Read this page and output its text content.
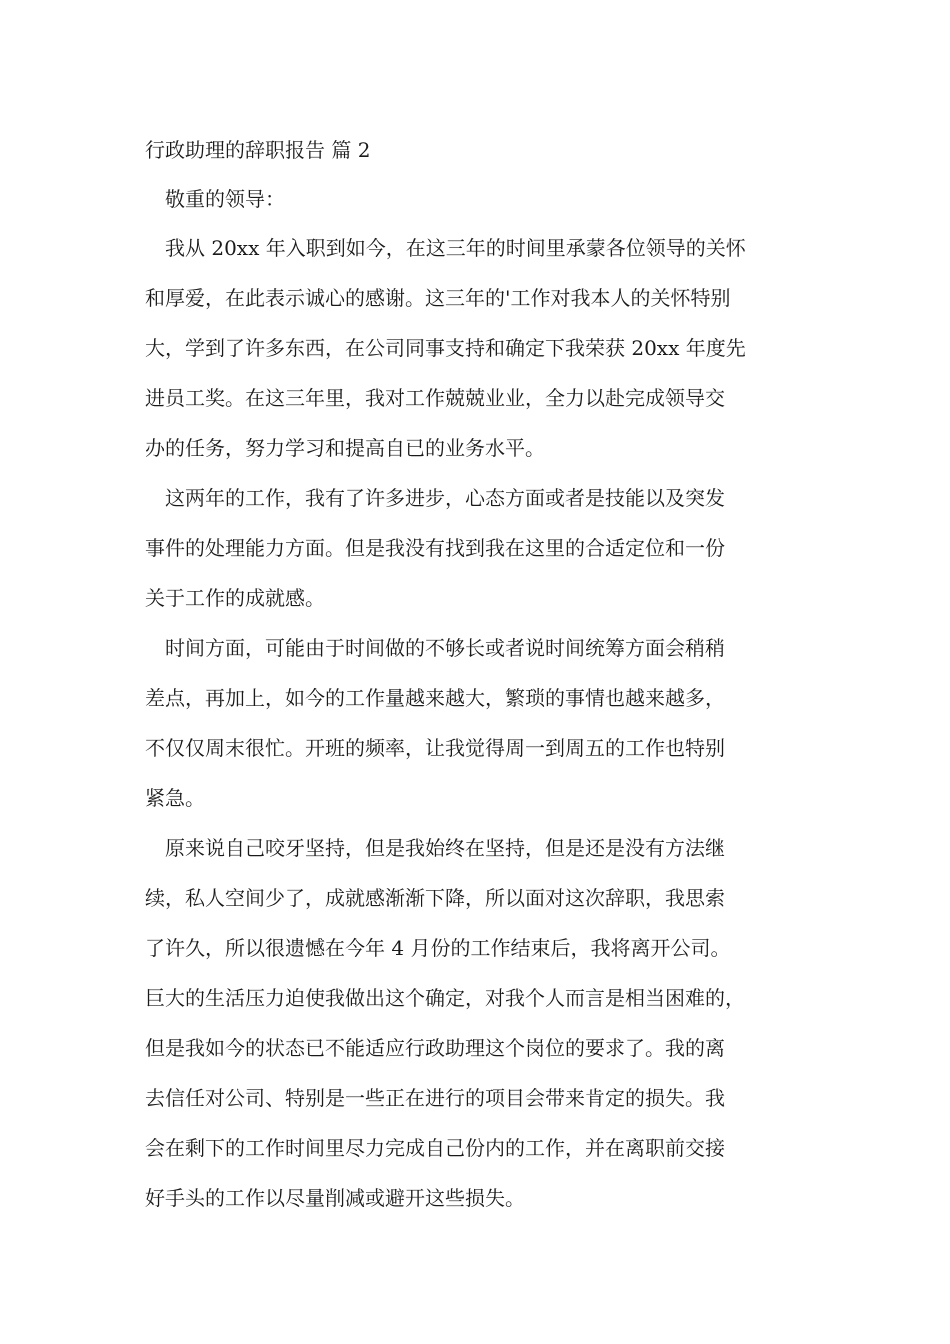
行政助理的辞职报告 篇 2
敬重的领导：
我从 20xx 年入职到如今，在这三年的时间里承蒙各位领导的关怀
和厚爱，在此表示诚心的感谢。这三年的'工作对我本人的关怀特别
大，学到了许多东西，在公司同事支持和确定下我荣获 20xx 年度先
进员工奖。在这三年里，我对工作兢兢业业，全力以赴完成领导交
办的任务，努力学习和提高自已的业务水平。
这两年的工作，我有了许多进步，心态方面或者是技能以及突发
事件的处理能力方面。但是我没有找到我在这里的合适定位和一份
关于工作的成就感。
时间方面，可能由于时间做的不够长或者说时间统筹方面会稍稍
差点，再加上，如今的工作量越来越大，繁琐的事情也越来越多，
不仅仅周末很忙。开班的频率，让我觉得周一到周五的工作也特别
紧急。
原来说自己咬牙坚持，但是我始终在坚持，但是还是没有方法继
续，私人空间少了，成就感渐渐下降，所以面对这次辞职，我思索
了许久，所以很遗憾在今年 4 月份的工作结束后，我将离开公司。
巨大的生活压力迫使我做出这个确定，对我个人而言是相当困难的，
但是我如今的状态已不能适应行政助理这个岗位的要求了。我的离
去信任对公司、特别是一些正在进行的项目会带来肯定的损失。我
会在剩下的工作时间里尽力完成自己份内的工作，并在离职前交接
好手头的工作以尽量削减或避开这些损失。
